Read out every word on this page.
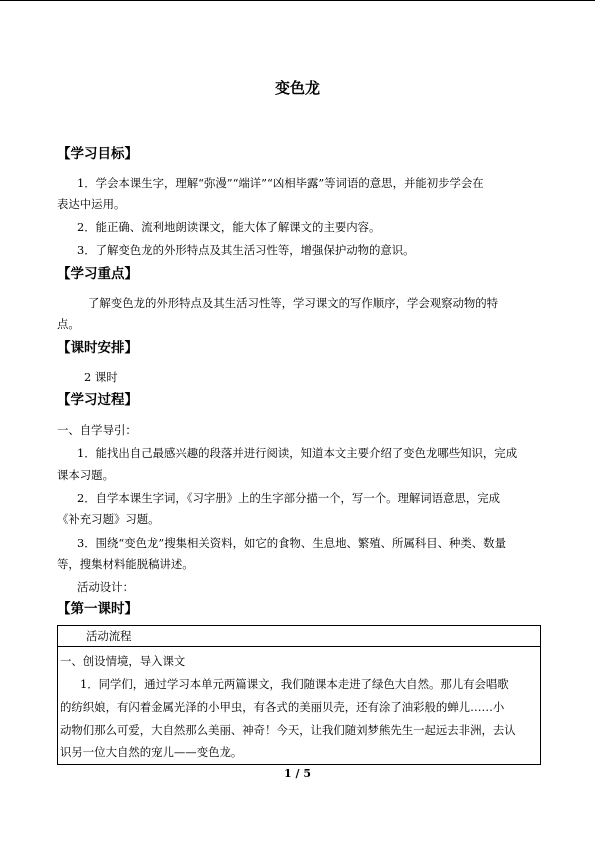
变色龙
【学习目标】
1．学会本课生字，理解“弥漫”“端详”“凶相毕露”等词语的意思，并能初步学会在
表达中运用。
2．能正确、流利地朗读课文，能大体了解课文的主要内容。
3．了解变色龙的外形特点及其生活习性等，增强保护动物的意识。
【学习重点】
了解变色龙的外形特点及其生活习性等，学习课文的写作顺序，学会观察动物的特
点。
【课时安排】
2 课时
【学习过程】
一、自学导引：
1．能找出自己最感兴趣的段落并进行阅读，知道本文主要介绍了变色龙哪些知识，完成
课本习题。
2．自学本课生字词，《习字册》上的生字部分描一个，写一个。理解词语意思，完成
《补充习题》习题。
3．围绕“变色龙”搜集相关资料，如它的食物、生息地、繁殖、所属科目、种类、数量
等，搜集材料能脱稿讲述。
活动设计：
【第一课时】
活动流程
一、创设情境，导入课文
1．同学们，通过学习本单元两篇课文，我们随课本走进了绿色大自然。那儿有会唱歌
的纺织娘，有闪着金属光泽的小甲虫，有各式的美丽贝壳，还有涂了油彩般的蝉儿……小
动物们那么可爱，大自然那么美丽、神奇！今天，让我们随刘梦熊先生一起远去非洲，去认
识另一位大自然的宠儿——变色龙。
1 / 5
